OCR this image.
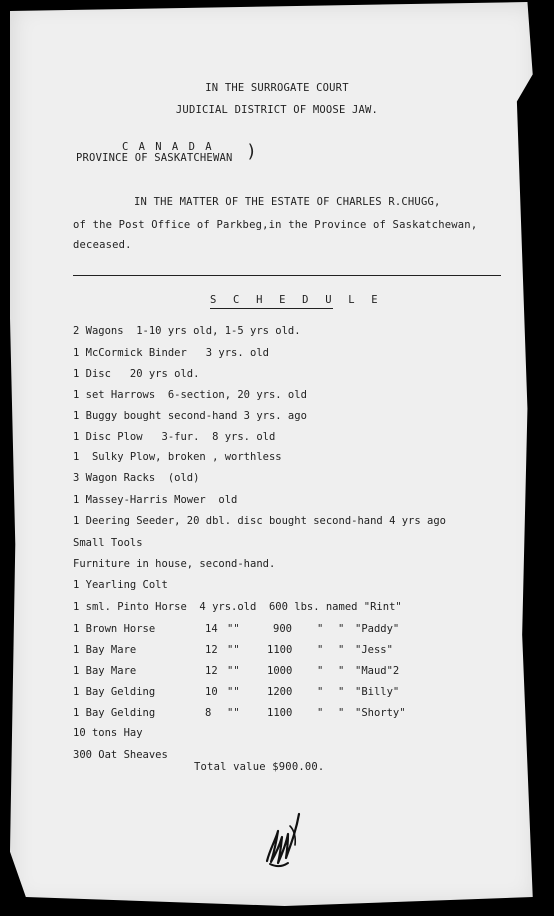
IN THE SURROGATE COURT
JUDICIAL DISTRICT OF MOOSE JAW.
C A N A D A
PROVINCE OF SASKATCHEWAN )
IN THE MATTER OF THE ESTATE OF CHARLES R.CHUGG,
of the Post Office of Parkbeg,in the Province of Saskatchewan,
deceased.
S C H E D U L E
2 Wagons  1-10 yrs old, 1-5 yrs old.
1 McCormick Binder   3 yrs. old
1 Disc   20 yrs old.
1 set Harrows  6-section, 20 yrs. old
1 Buggy bought second-hand 3 yrs. ago
1 Disc Plow   3-fur.  8 yrs. old
1  Sulky Plow, broken , worthless
3 Wagon Racks  (old)
1 Massey-Harris Mower  old
1 Deering Seeder, 20 dbl. disc bought second-hand 4 yrs ago
Small Tools
Furniture in house, second-hand.
1 Yearling Colt
1 sml. Pinto Horse  4 yrs.old  600 lbs. named "Rint"
1 Brown Horse	14 ""	900 " " "Paddy"
1 Bay Mare	12 ""	1100 " " "Jess"
1 Bay Mare	12 ""	1000 " " "Maud"2
1 Bay Gelding	10 ""	1200 " " "Billy"
1 Bay Gelding	8 ""	1100 " " "Shorty"
10 tons Hay
300 Oat Sheaves
Total value $900.00.
